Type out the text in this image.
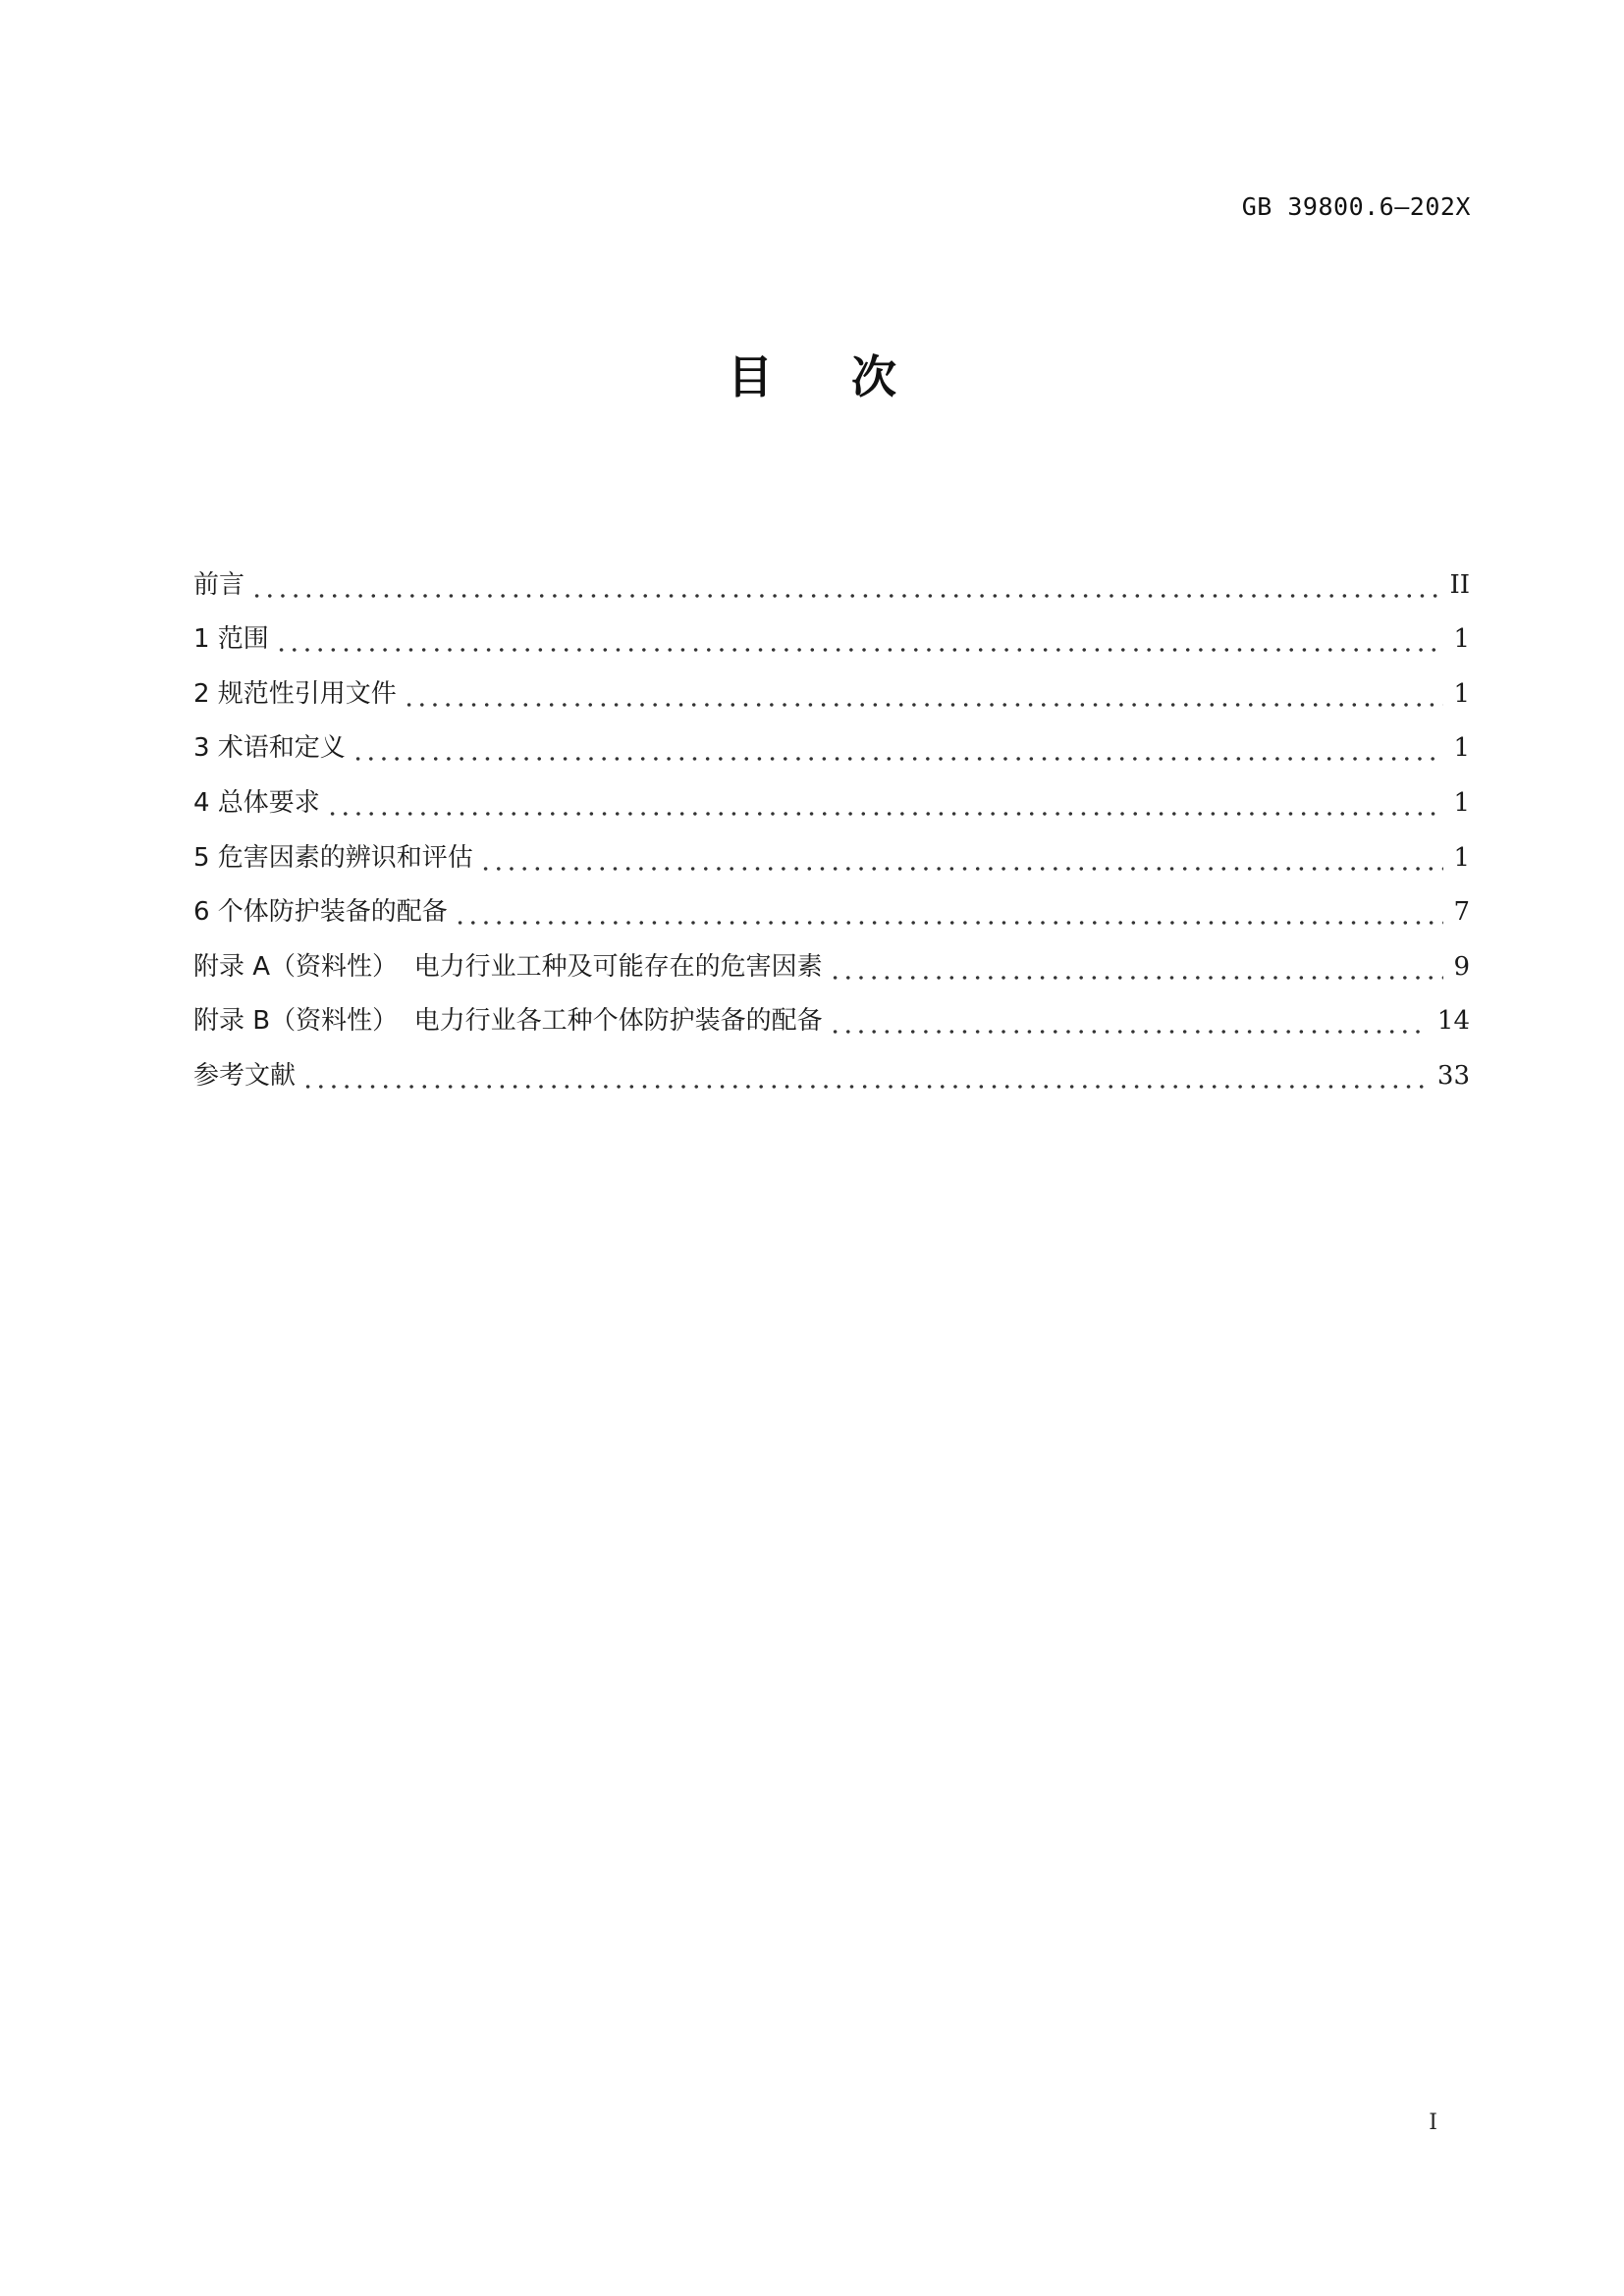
GB 39800.6—202X
目次
前言	II
1 范围	1
2 规范性引用文件	1
3 术语和定义	1
4 总体要求	1
5 危害因素的辨识和评估	1
6 个体防护装备的配备	7
附录 A（资料性）  电力行业工种及可能存在的危害因素	9
附录 B（资料性）  电力行业各工种个体防护装备的配备	14
参考文献	33
I
